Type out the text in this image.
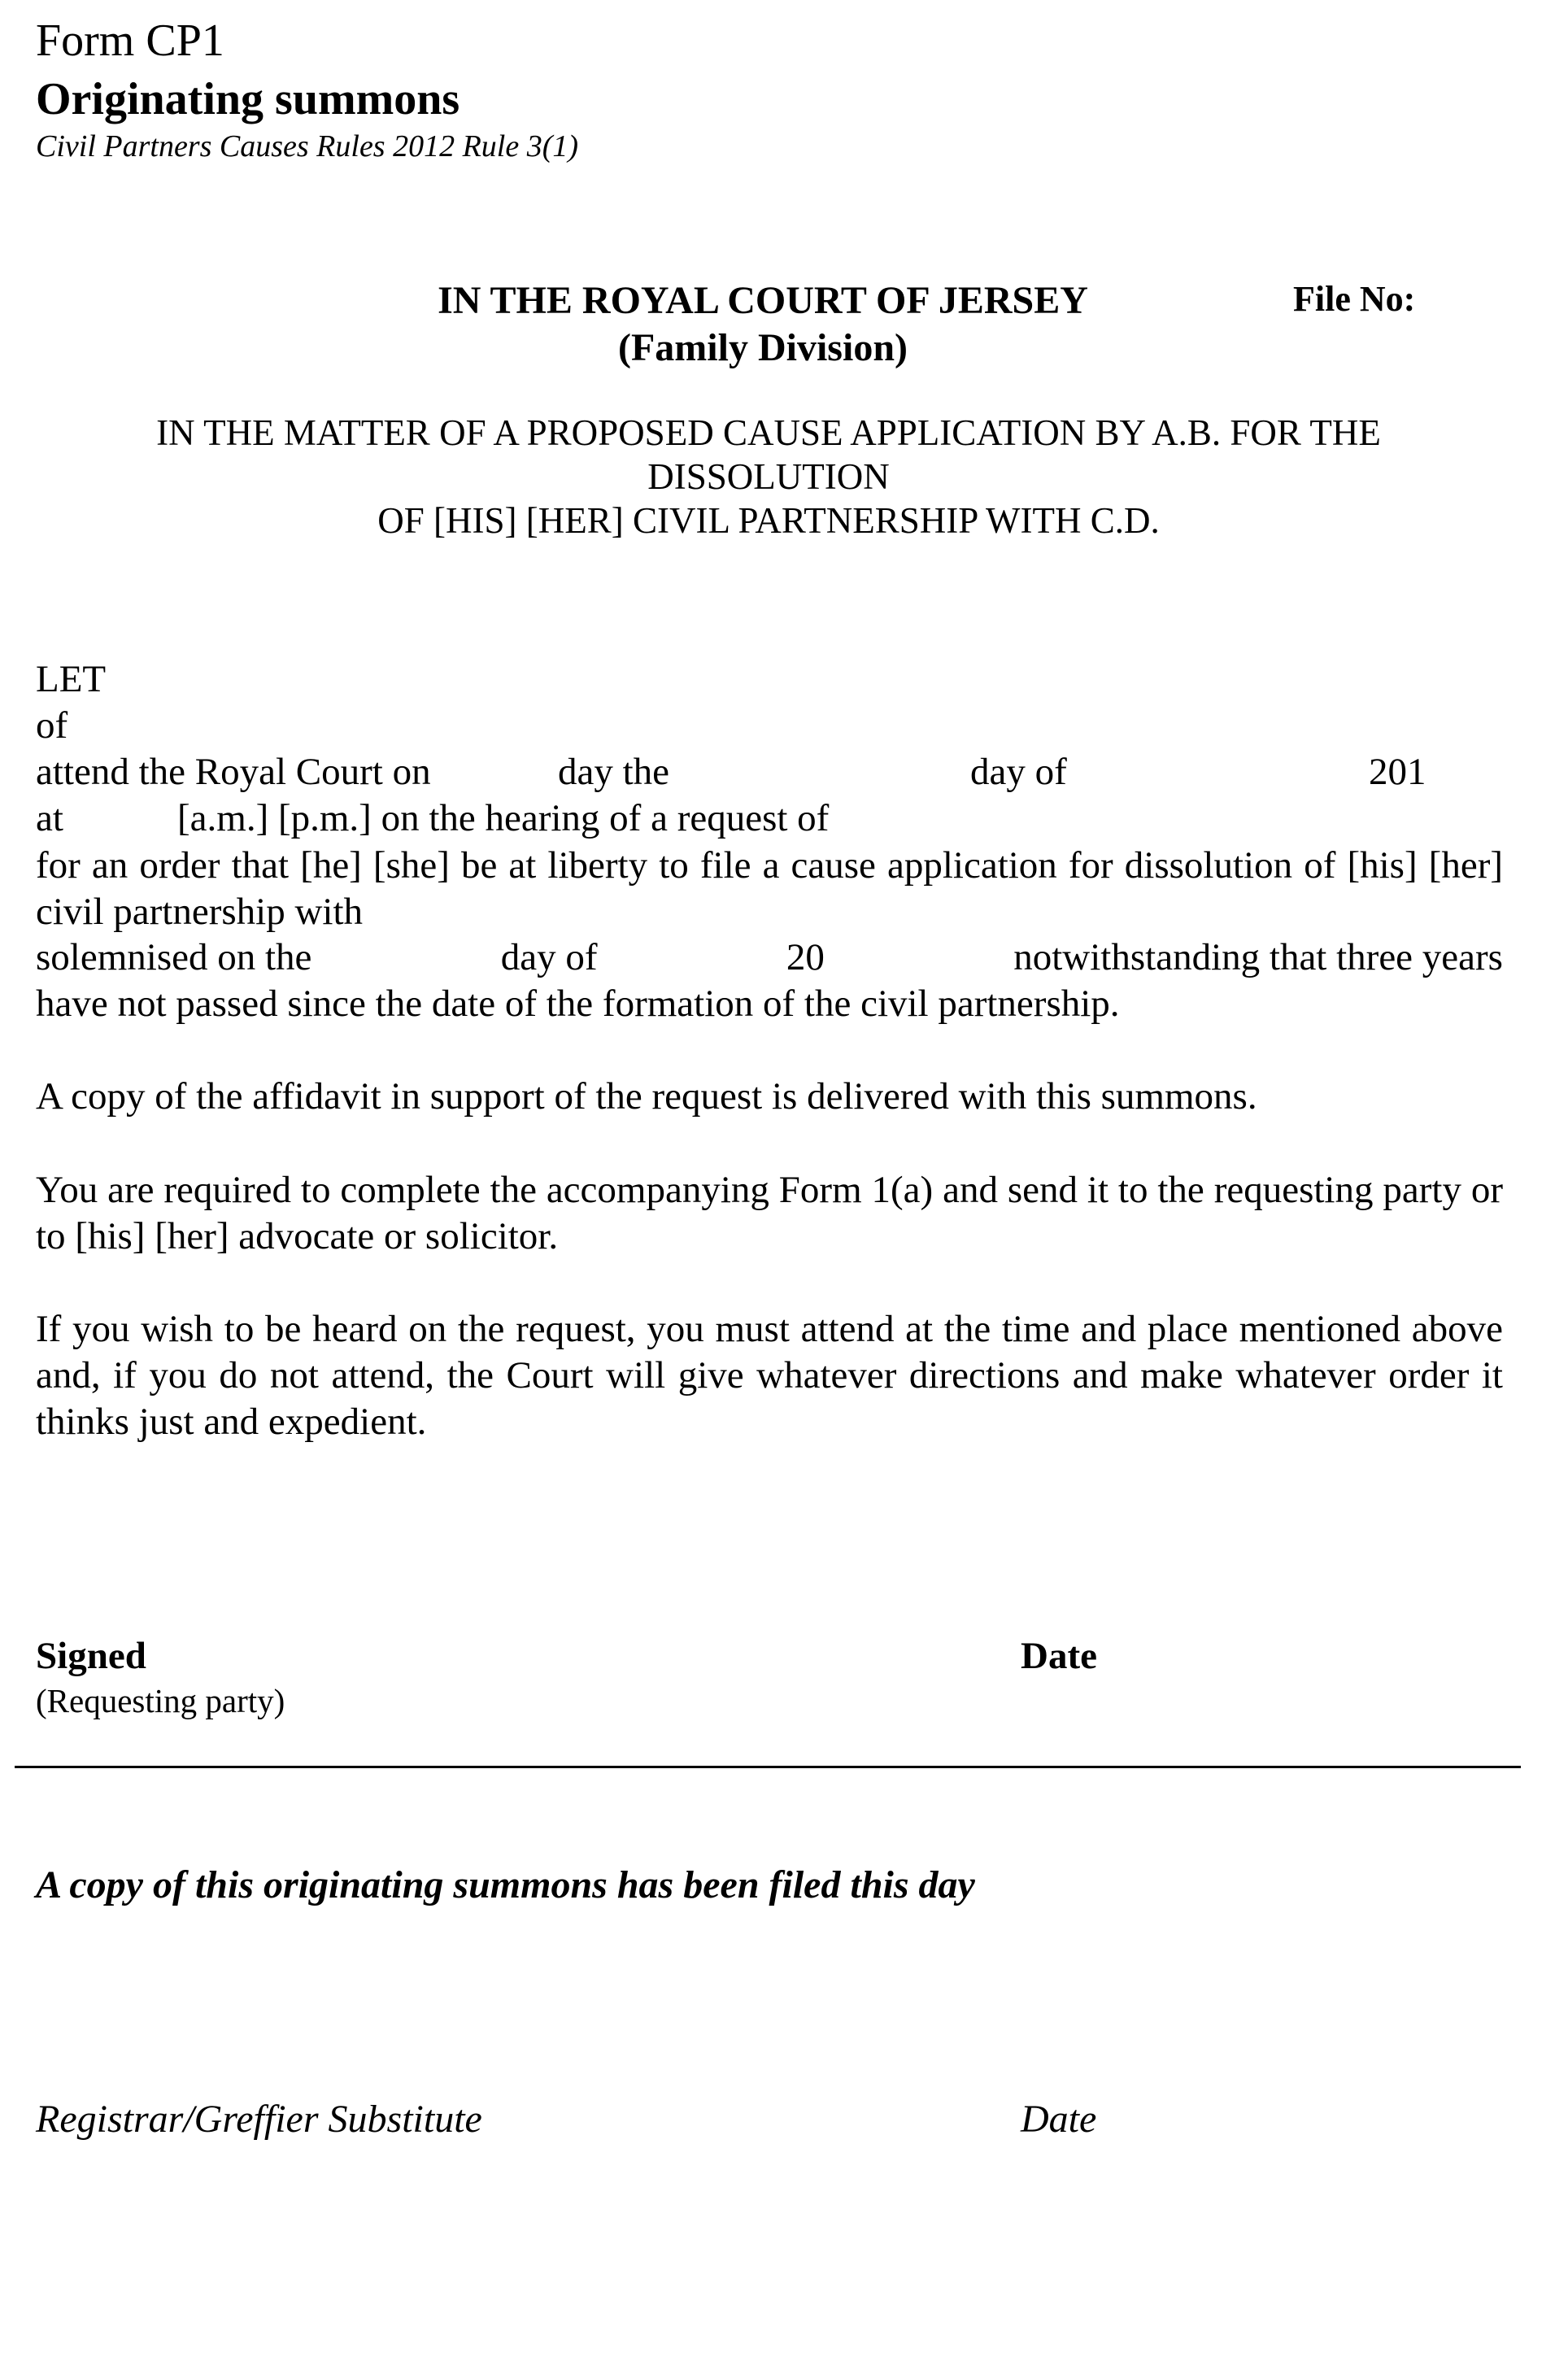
Form CP1
Originating summons
Civil Partners Causes Rules 2012 Rule 3(1)
IN THE ROYAL COURT OF JERSEY
(Family Division)
File No:
IN THE MATTER OF A PROPOSED CAUSE APPLICATION BY A.B. FOR THE
DISSOLUTION
OF [HIS] [HER] CIVIL PARTNERSHIP WITH C.D.
LET
of
attend the Royal Court on	day the	day of	201
at	[a.m.] [p.m.] on the hearing of a request of
for an order that [he] [she] be at liberty to file a cause application for dissolution of [his] [her] civil partnership with
solemnised on the	day of	20	notwithstanding that three years
have not passed since the date of the formation of the civil partnership.
A copy of the affidavit in support of the request is delivered with this summons.
You are required to complete the accompanying Form 1(a) and send it to the requesting party or to [his] [her] advocate or solicitor.
If you wish to be heard on the request, you must attend at the time and place mentioned above and, if you do not attend, the Court will give whatever directions and make whatever order it thinks just and expedient.
Signed
(Requesting party)
Date
A copy of this originating summons has been filed this day
Registrar/Greffier Substitute	Date
